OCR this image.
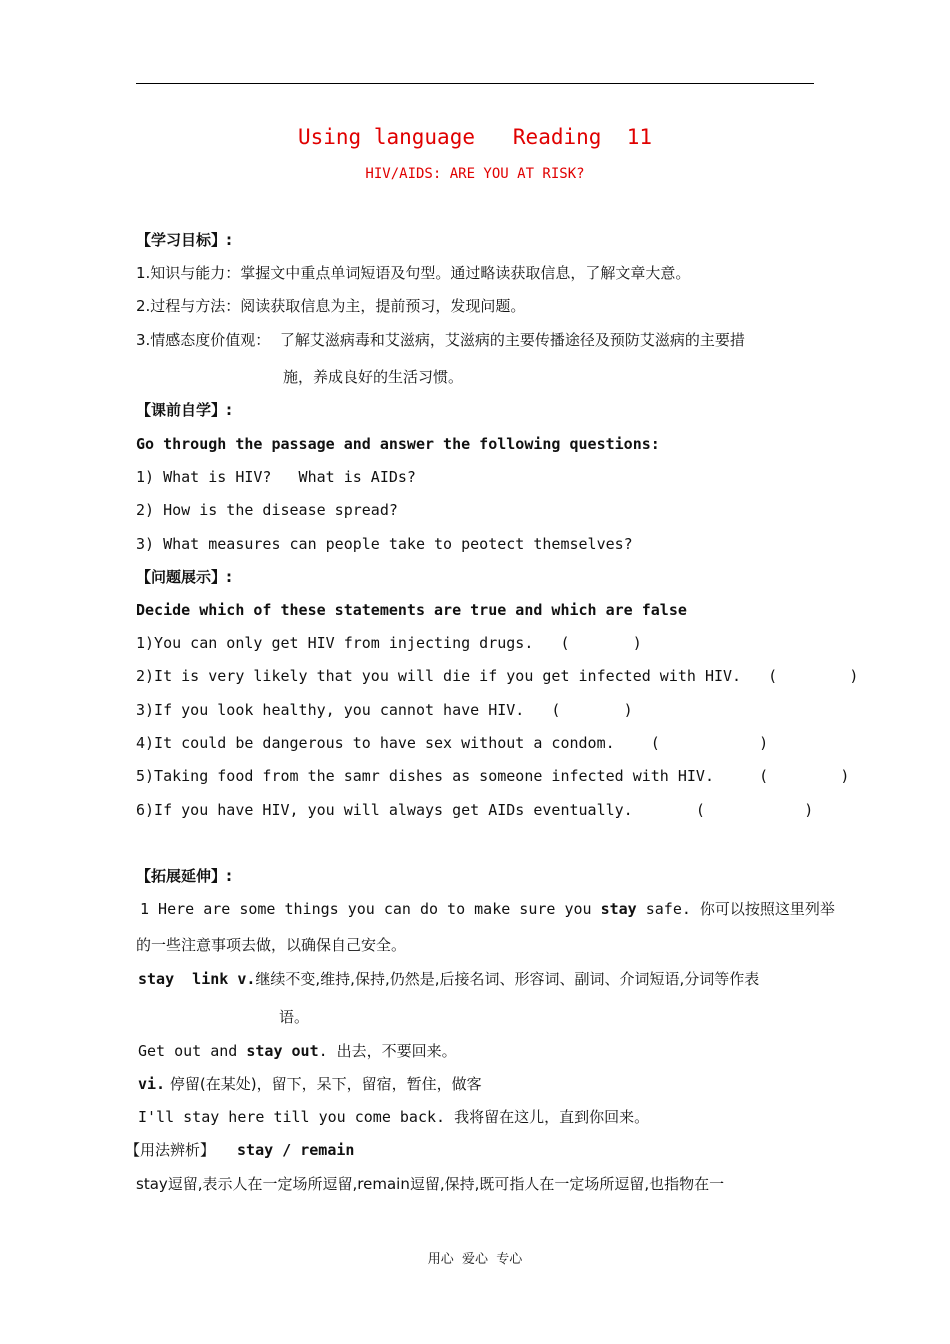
Using language   Reading  11
HIV/AIDS: ARE YOU AT RISK?
【学习目标】:
1.知识与能力：掌握文中重点单词短语及句型。通过略读获取信息，了解文章大意。
2.过程与方法：阅读获取信息为主，提前预习，发现问题。
3.情感态度价值观：  了解艾滋病毒和艾滋病，艾滋病的主要传播途径及预防艾滋病的主要措
施，养成良好的生活习惯。
【课前自学】:
Go through the passage and answer the following questions:
1) What is HIV?   What is AIDs?
2) How is the disease spread?
3) What measures can people take to peotect themselves?
【问题展示】:
Decide which of these statements are true and which are false
1)You can only get HIV from injecting drugs.   (       )
2)It is very likely that you will die if you get infected with HIV.   (        )
3)If you look healthy, you cannot have HIV.   (       )
4)It could be dangerous to have sex without a condom.    (           )
5)Taking food from the samr dishes as someone infected with HIV.     (        )
6)If you have HIV, you will always get AIDs eventually.       (           )
【拓展延伸】:
1 Here are some things you can do to make sure you stay safe. 你可以按照这里列举
的一些注意事项去做，以确保自己安全。
stay  link v.继续不变,维持,保持,仍然是,后接名词、形容词、副词、介词短语,分词等作表
语。
Get out and stay out. 出去，不要回来。
vi. 停留(在某处)，留下，呆下，留宿，暂住，做客
I'll stay here till you come back. 我将留在这儿，直到你回来。
【用法辨析】 stay / remain
stay逗留,表示人在一定场所逗留,remain逗留,保持,既可指人在一定场所逗留,也指物在一
用心  爱心  专心
